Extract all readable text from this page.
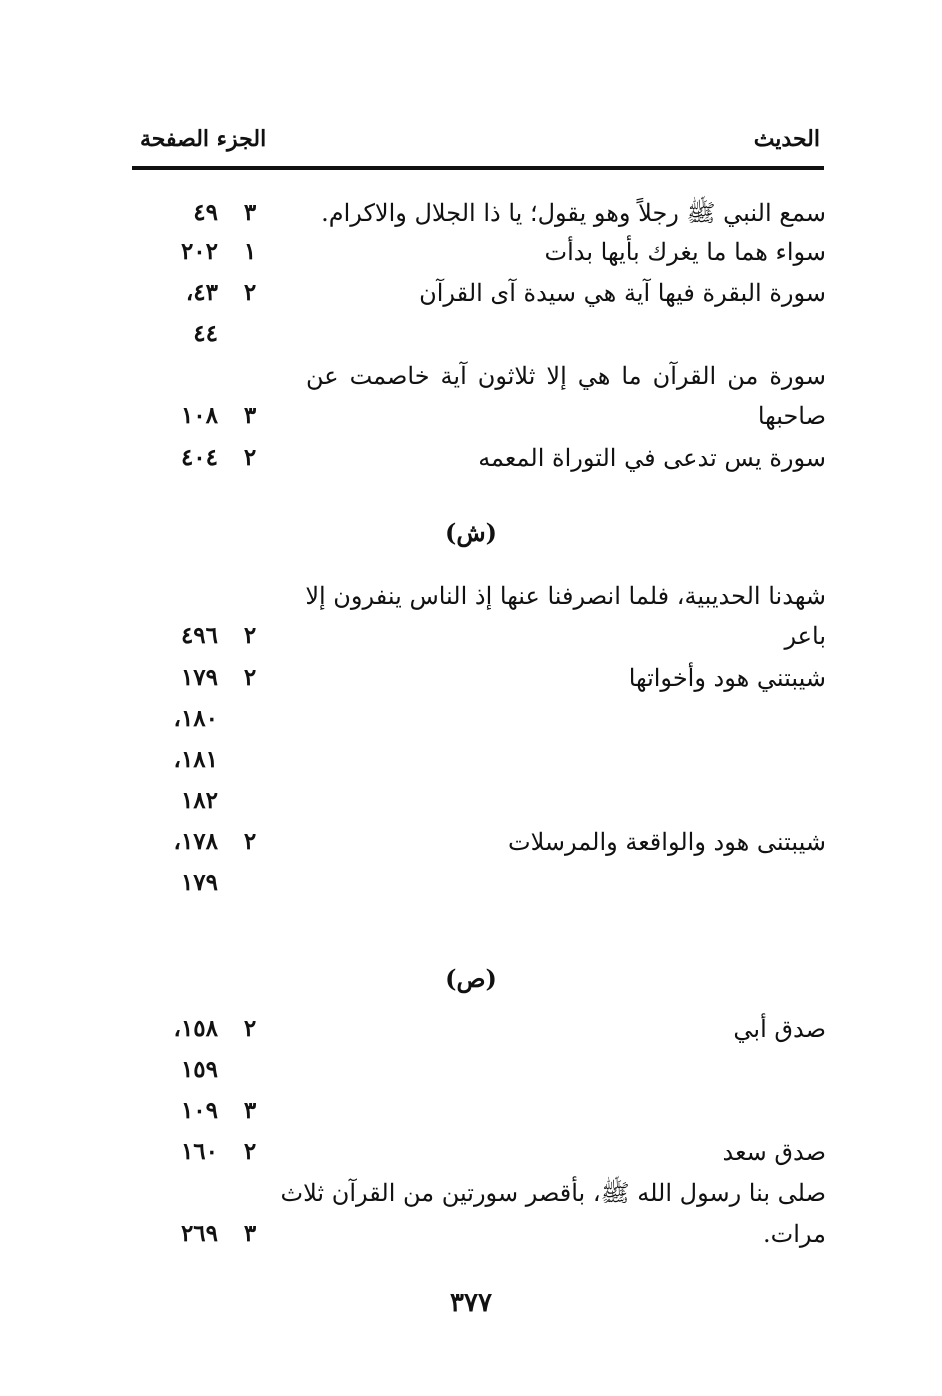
الحديث
الجزء الصفحة
سمع النبي ﷺ رجلاً وهو يقول؛ يا ذا الجلال والاكرام.
٣
٤٩
سواء هما ما يغرك بأيها بدأت
١
٢٠٢
سورة البقرة فيها آية هي سيدة آى القرآن
٢
٤٣،
٤٤
سورة من القرآن ما هي إلا ثلاثون آية خاصمت عن
صاحبها
٣
١٠٨
سورة يس تدعى في التوراة المعمه
٢
٤٠٤
(ش)
شهدنا الحديبية، فلما انصرفنا عنها إذ الناس ينفرون إلا
باعر
٢
٤٩٦
شيبتني هود وأخواتها
٢
١٧٩
١٨٠،
١٨١،
١٨٢
شيبتنى هود والواقعة والمرسلات
٢
١٧٨،
١٧٩
(ص)
صدق أبي
٢
١٥٨،
١٥٩
٣
١٠٩
صدق سعد
٢
١٦٠
صلى بنا رسول الله ﷺ، بأقصر سورتين من القرآن ثلاث
مرات.
٣
٢٦٩
٣٧٧
